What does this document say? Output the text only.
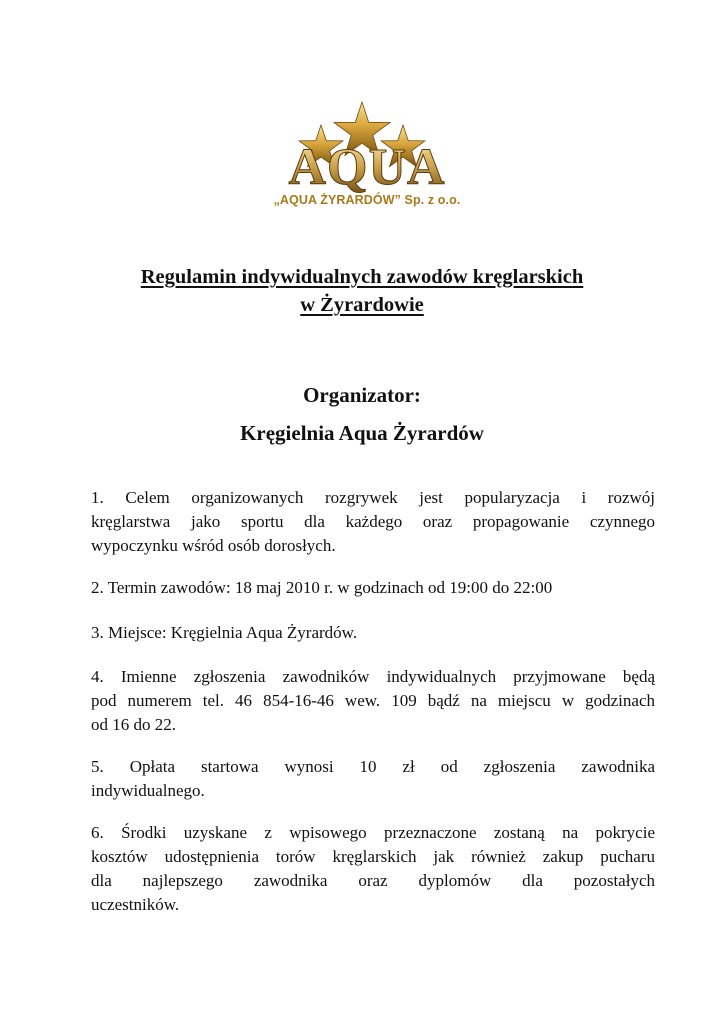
AQUA
„AQUA ŻYRARDÓW” Sp. z o.o.
Regulamin indywidualnych zawodów kręglarskich
w Żyrardowie
Organizator:
Kręgielnia Aqua Żyrardów
1. Celem organizowanych rozgrywek jest popularyzacja i rozwój
kręglarstwa jako sportu dla każdego oraz propagowanie czynnego
wypoczynku wśród osób dorosłych.
2. Termin zawodów: 18 maj 2010 r. w godzinach od 19:00 do 22:00
3. Miejsce: Kręgielnia Aqua Żyrardów.
4. Imienne zgłoszenia zawodników indywidualnych przyjmowane będą
pod numerem tel. 46 854-16-46 wew. 109 bądź na miejscu w godzinach
od 16 do 22.
5. Opłata startowa wynosi 10 zł od zgłoszenia zawodnika
indywidualnego.
6. Środki uzyskane z wpisowego przeznaczone zostaną na pokrycie
kosztów udostępnienia torów kręglarskich jak również zakup pucharu
dla najlepszego zawodnika oraz dyplomów dla pozostałych
uczestników.
